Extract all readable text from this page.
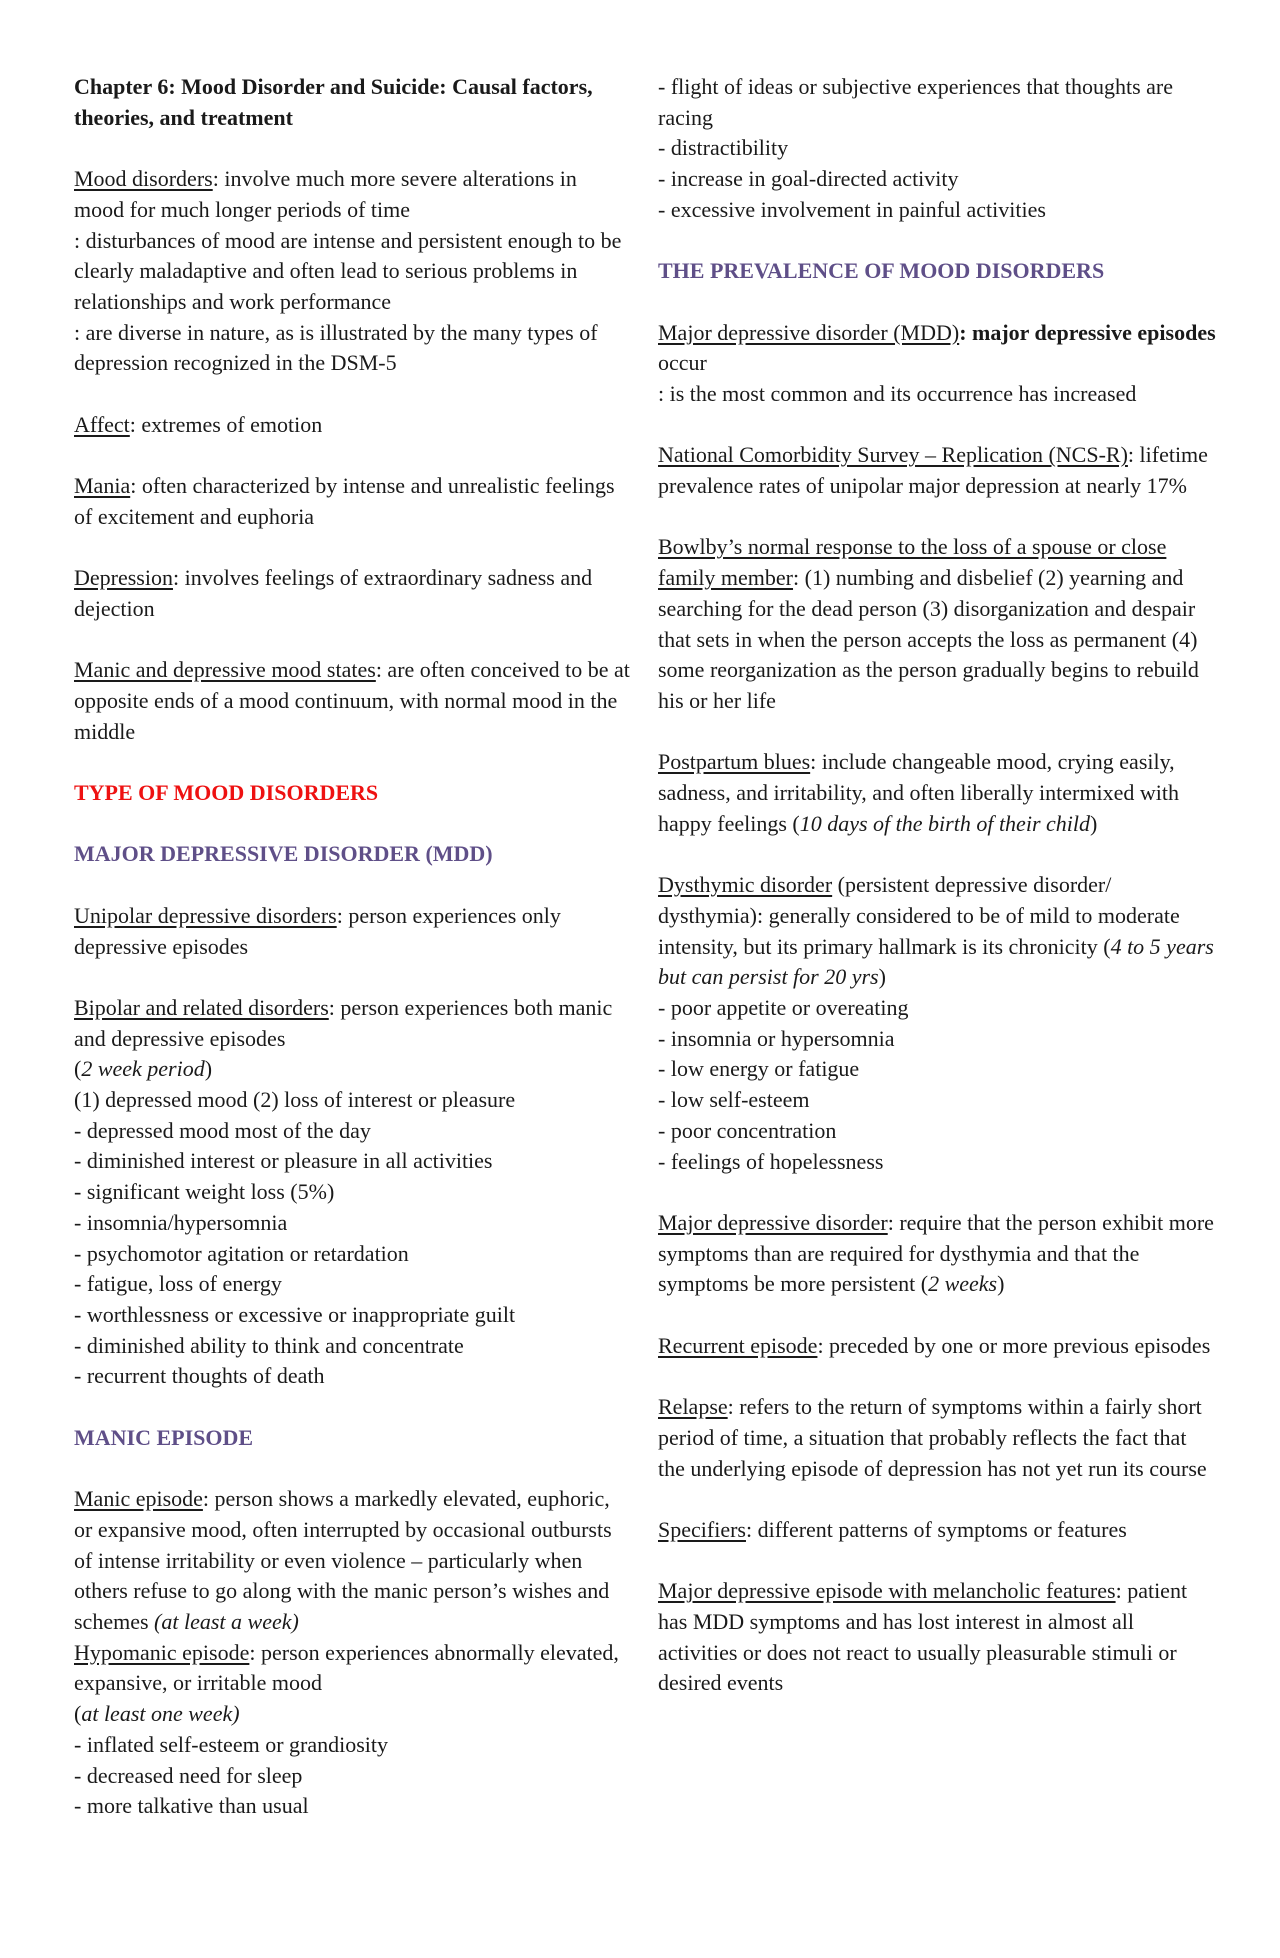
Chapter 6: Mood Disorder and Suicide: Causal factors, theories, and treatment

Mood disorders: involve much more severe alterations in mood for much longer periods of time

: disturbances of mood are intense and persistent enough to be clearly maladaptive and often lead to serious problems in relationships and work performance

: are diverse in nature, as is illustrated by the many types of depression recognized in the DSM-5

Affect: extremes of emotion

Mania: often characterized by intense and unrealistic feelings of excitement and euphoria

Depression: involves feelings of extraordinary sadness and dejection

Manic and depressive mood states: are often conceived to be at opposite ends of a mood continuum, with normal mood in the middle

TYPE OF MOOD DISORDERS

MAJOR DEPRESSIVE DISORDER (MDD)

Unipolar depressive disorders: person experiences only depressive episodes

Bipolar and related disorders: person experiences both manic and depressive episodes

(2 week period)

(1) depressed mood (2) loss of interest or pleasure

- depressed mood most of the day

- diminished interest or pleasure in all activities

- significant weight loss (5%)

- insomnia/hypersomnia

- psychomotor agitation or retardation

- fatigue, loss of energy

- worthlessness or excessive or inappropriate guilt

- diminished ability to think and concentrate

- recurrent thoughts of death

MANIC EPISODE

Manic episode: person shows a markedly elevated, euphoric, or expansive mood, often interrupted by occasional outbursts of intense irritability or even violence – particularly when others refuse to go along with the manic person’s wishes and schemes (at least a week)

Hypomanic episode: person experiences abnormally elevated, expansive, or irritable mood

(at least one week)

- inflated self-esteem or grandiosity

- decreased need for sleep

- more talkative than usual

- flight of ideas or subjective experiences that thoughts are racing

- distractibility

- increase in goal-directed activity

- excessive involvement in painful activities

THE PREVALENCE OF MOOD DISORDERS

Major depressive disorder (MDD): major depressive episodes occur

: is the most common and its occurrence has increased

National Comorbidity Survey – Replication (NCS-R): lifetime prevalence rates of unipolar major depression at nearly 17%

Bowlby’s normal response to the loss of a spouse or close family member: (1) numbing and disbelief (2) yearning and searching for the dead person (3) disorganization and despair that sets in when the person accepts the loss as permanent (4) some reorganization as the person gradually begins to rebuild his or her life

Postpartum blues: include changeable mood, crying easily, sadness, and irritability, and often liberally intermixed with happy feelings (10 days of the birth of their child)

Dysthymic disorder (persistent depressive disorder/ dysthymia): generally considered to be of mild to moderate intensity, but its primary hallmark is its chronicity (4 to 5 years but can persist for 20 yrs)

- poor appetite or overeating

- insomnia or hypersomnia

- low energy or fatigue

- low self-esteem

- poor concentration

- feelings of hopelessness

Major depressive disorder: require that the person exhibit more symptoms than are required for dysthymia and that the symptoms be more persistent (2 weeks)

Recurrent episode: preceded by one or more previous episodes

Relapse: refers to the return of symptoms within a fairly short period of time, a situation that probably reflects the fact that the underlying episode of depression has not yet run its course

Specifiers: different patterns of symptoms or features

Major depressive episode with melancholic features: patient has MDD symptoms and has lost interest in almost all activities or does not react to usually pleasurable stimuli or desired events
